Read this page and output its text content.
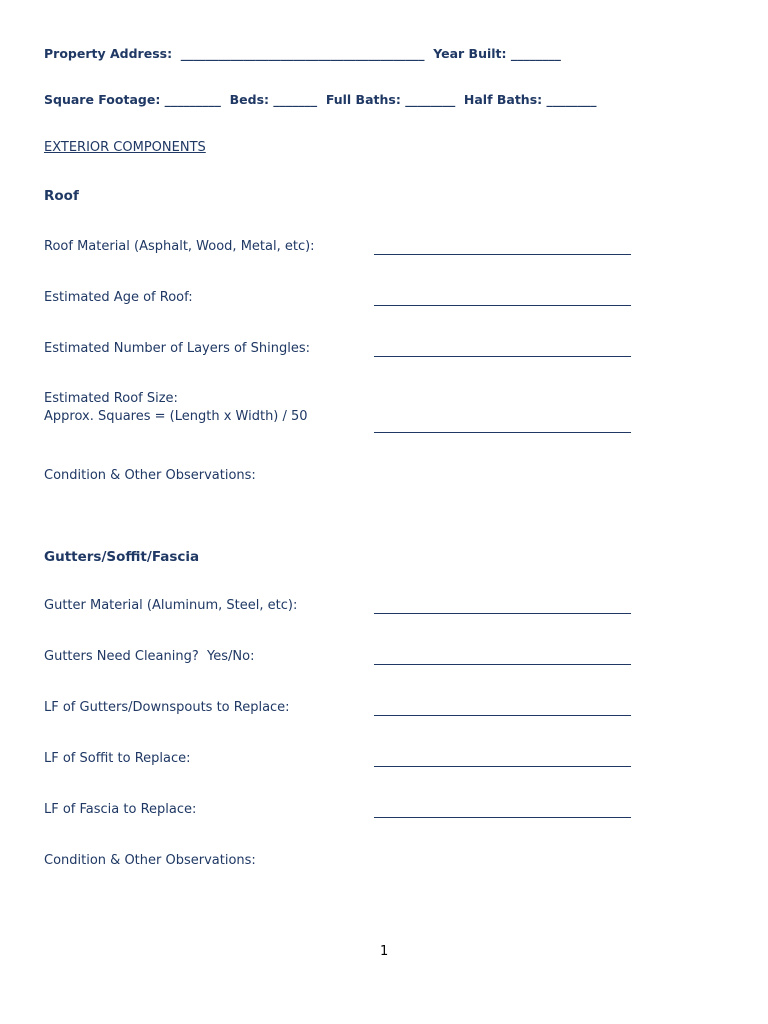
Property Address:  _______________________________________  Year Built: ________
Square Footage: _________  Beds: _______  Full Baths: ________  Half Baths: ________
EXTERIOR COMPONENTS
Roof
Roof Material (Asphalt, Wood, Metal, etc):
Estimated Age of Roof:
Estimated Number of Layers of Shingles:
Estimated Roof Size:
Approx. Squares = (Length x Width) / 50
Condition & Other Observations:
Gutters/Soffit/Fascia
Gutter Material (Aluminum, Steel, etc):
Gutters Need Cleaning?  Yes/No:
LF of Gutters/Downspouts to Replace:
LF of Soffit to Replace:
LF of Fascia to Replace:
Condition & Other Observations:
1
